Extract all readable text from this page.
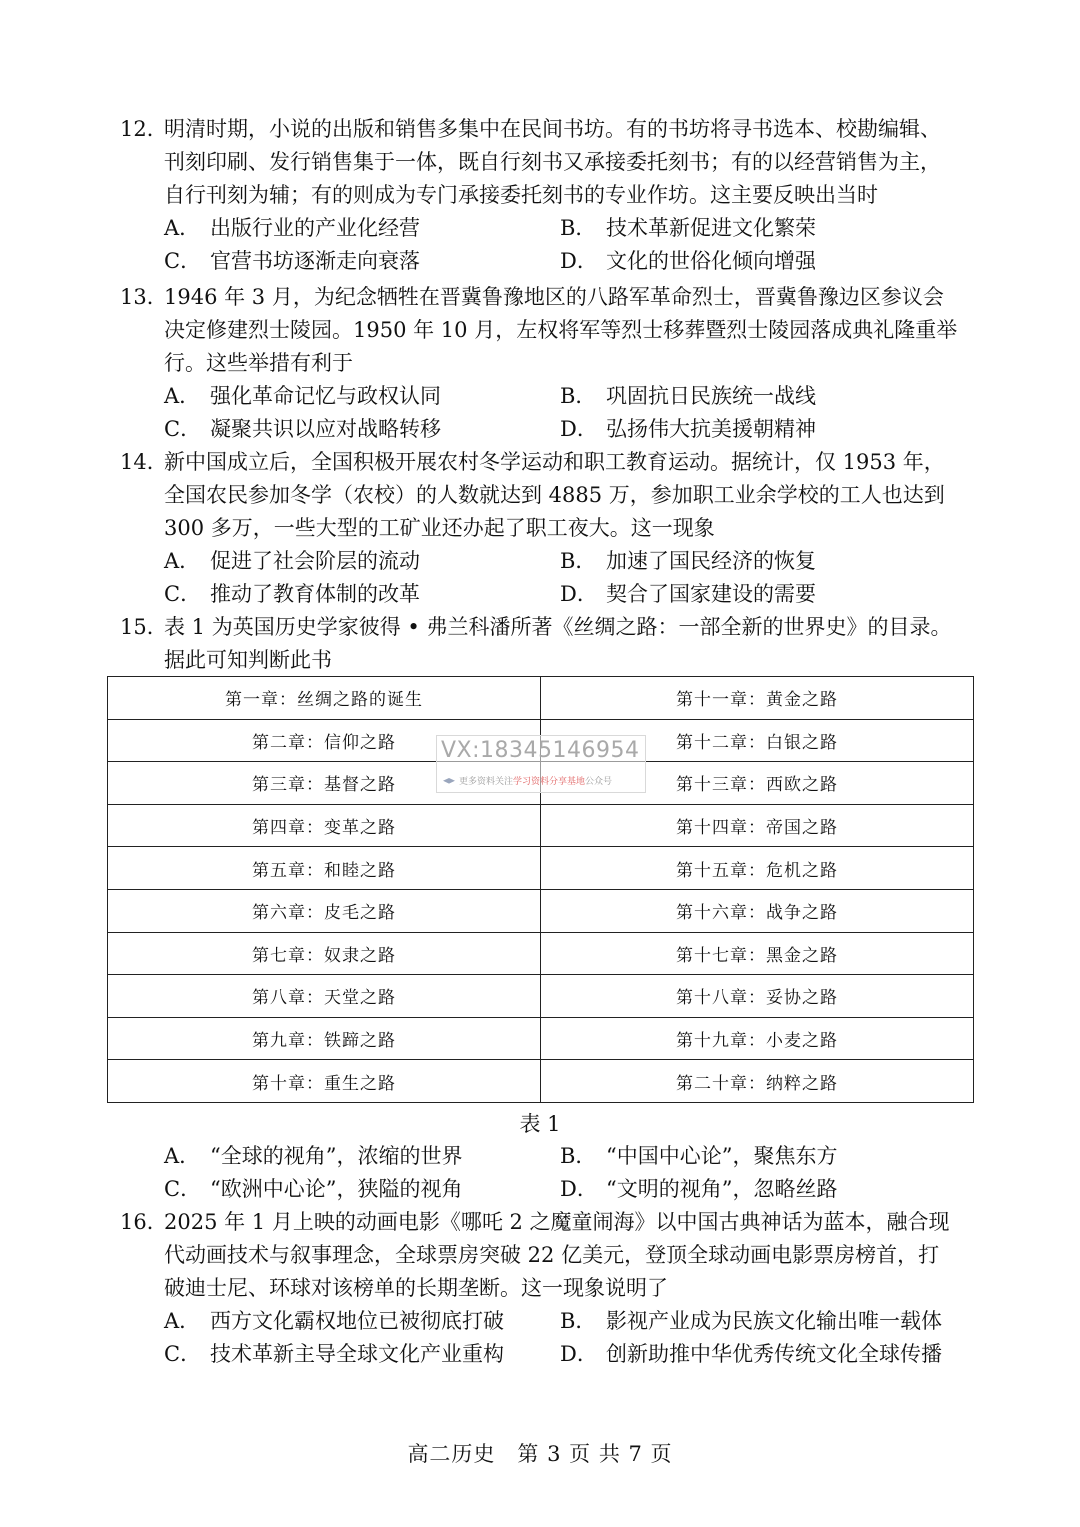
12．
明清时期，小说的出版和销售多集中在民间书坊。有的书坊将寻书选本、校勘编辑、
刊刻印刷、发行销售集于一体，既自行刻书又承接委托刻书；有的以经营销售为主，
自行刊刻为辅；有的则成为专门承接委托刻书的专业作坊。这主要反映出当时
A． 出版行业的产业化经营	B． 技术革新促进文化繁荣
C． 官营书坊逐渐走向衰落	D． 文化的世俗化倾向增强
13．
1946 年 3 月，为纪念牺牲在晋冀鲁豫地区的八路军革命烈士，晋冀鲁豫边区参议会
决定修建烈士陵园。1950 年 10 月，左权将军等烈士移葬暨烈士陵园落成典礼隆重举
行。这些举措有利于
A． 强化革命记忆与政权认同	B． 巩固抗日民族统一战线
C． 凝聚共识以应对战略转移	D． 弘扬伟大抗美援朝精神
14．
新中国成立后，全国积极开展农村冬学运动和职工教育运动。据统计，仅 1953 年，
全国农民参加冬学（农校）的人数就达到 4885 万，参加职工业余学校的工人也达到
300 多万，一些大型的工矿业还办起了职工夜大。这一现象
A． 促进了社会阶层的流动	B． 加速了国民经济的恢复
C． 推动了教育体制的改革	D． 契合了国家建设的需要
15．
表 1 为英国历史学家彼得 • 弗兰科潘所著《丝绸之路：一部全新的世界史》的目录。
据此可知判断此书
第一章：丝绸之路的诞生	第十一章：黄金之路
第二章：信仰之路	第十二章：白银之路
第三章：基督之路	第十三章：西欧之路
第四章：变革之路	第十四章：帝国之路
第五章：和睦之路	第十五章：危机之路
第六章：皮毛之路	第十六章：战争之路
第七章：奴隶之路	第十七章：黑金之路
第八章：天堂之路	第十八章：妥协之路
第九章：铁蹄之路	第十九章：小麦之路
第十章：重生之路	第二十章：纳粹之路
VX:18345146954
更多资料关注学习资料分享基地公众号
表 1
A． “全球的视角”，浓缩的世界	B． “中国中心论”，聚焦东方
C． “欧洲中心论”，狭隘的视角	D． “文明的视角”，忽略丝路
16．
2025 年 1 月上映的动画电影《哪吒 2 之魔童闹海》以中国古典神话为蓝本，融合现
代动画技术与叙事理念，全球票房突破 22 亿美元，登顶全球动画电影票房榜首，打
破迪士尼、环球对该榜单的长期垄断。这一现象说明了
A． 西方文化霸权地位已被彻底打破	B． 影视产业成为民族文化输出唯一载体
C． 技术革新主导全球文化产业重构	D． 创新助推中华优秀传统文化全球传播
高二历史　第 3 页 共 7 页
